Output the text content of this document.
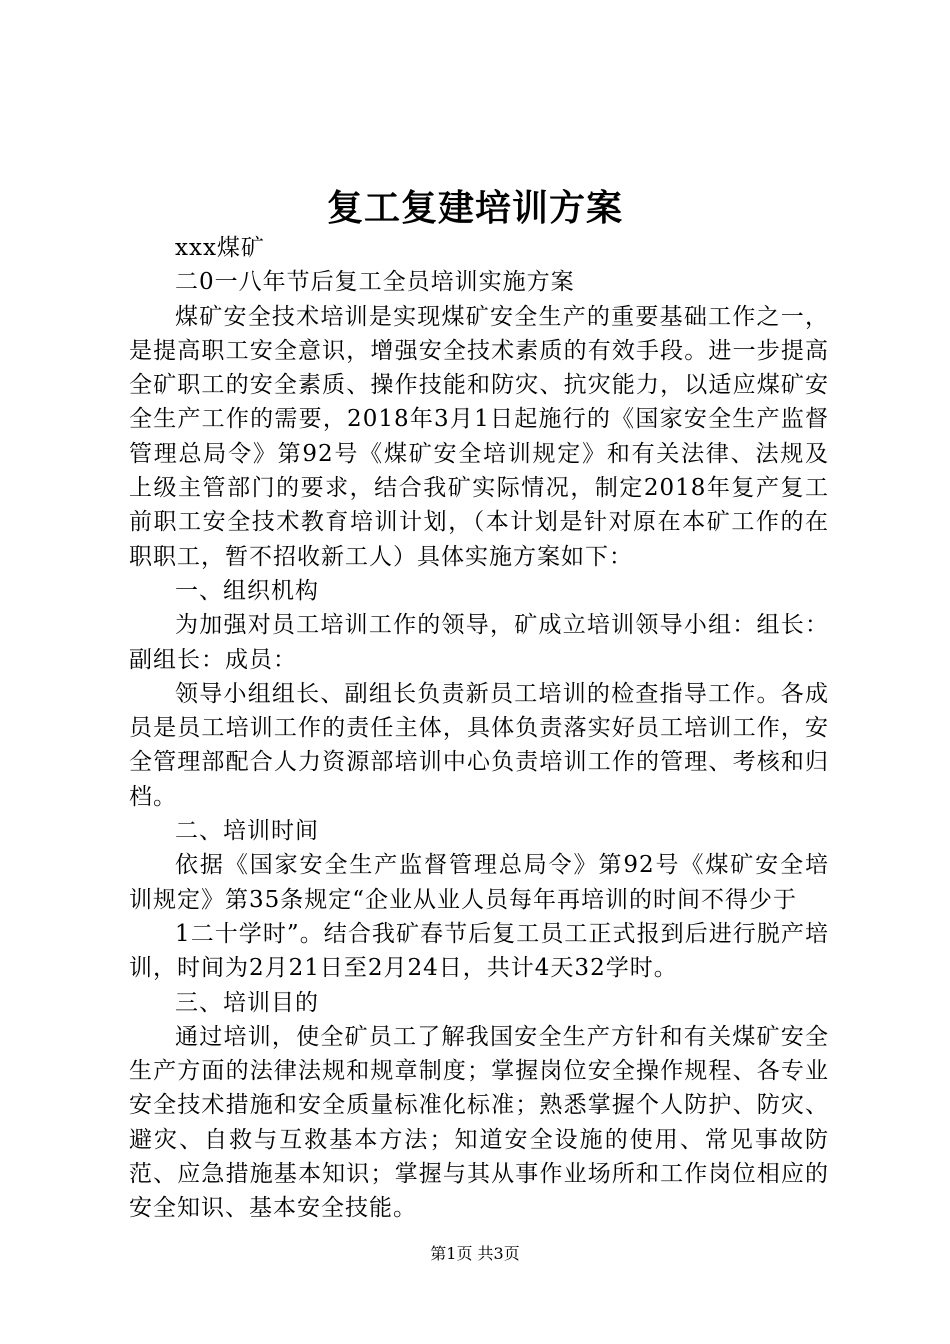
复工复建培训方案

xxx煤矿

二0一八年节后复工全员培训实施方案

煤矿安全技术培训是实现煤矿安全生产的重要基础工作之一，是提高职工安全意识，增强安全技术素质的有效手段。进一步提高全矿职工的安全素质、操作技能和防灾、抗灾能力，以适应煤矿安全生产工作的需要，2018年3月1日起施行的《国家安全生产监督管理总局令》第92号《煤矿安全培训规定》和有关法律、法规及上级主管部门的要求，结合我矿实际情况，制定2018年复产复工前职工安全技术教育培训计划，（本计划是针对原在本矿工作的在职职工，暂不招收新工人）具体实施方案如下：

一、组织机构

为加强对员工培训工作的领导，矿成立培训领导小组：组长：副组长：成员：

领导小组组长、副组长负责新员工培训的检查指导工作。各成员是员工培训工作的责任主体，具体负责落实好员工培训工作，安全管理部配合人力资源部培训中心负责培训工作的管理、考核和归档。

二、培训时间

依据《国家安全生产监督管理总局令》第92号《煤矿安全培训规定》第35条规定“企业从业人员每年再培训的时间不得少于

1二十学时”。结合我矿春节后复工员工正式报到后进行脱产培训，时间为2月21日至2月24日，共计4天32学时。

三、培训目的

通过培训，使全矿员工了解我国安全生产方针和有关煤矿安全生产方面的法律法规和规章制度；掌握岗位安全操作规程、各专业安全技术措施和安全质量标准化标准；熟悉掌握个人防护、防灾、避灾、自救与互救基本方法；知道安全设施的使用、常见事故防范、应急措施基本知识；掌握与其从事作业场所和工作岗位相应的安全知识、基本安全技能。

第1页 共3页
